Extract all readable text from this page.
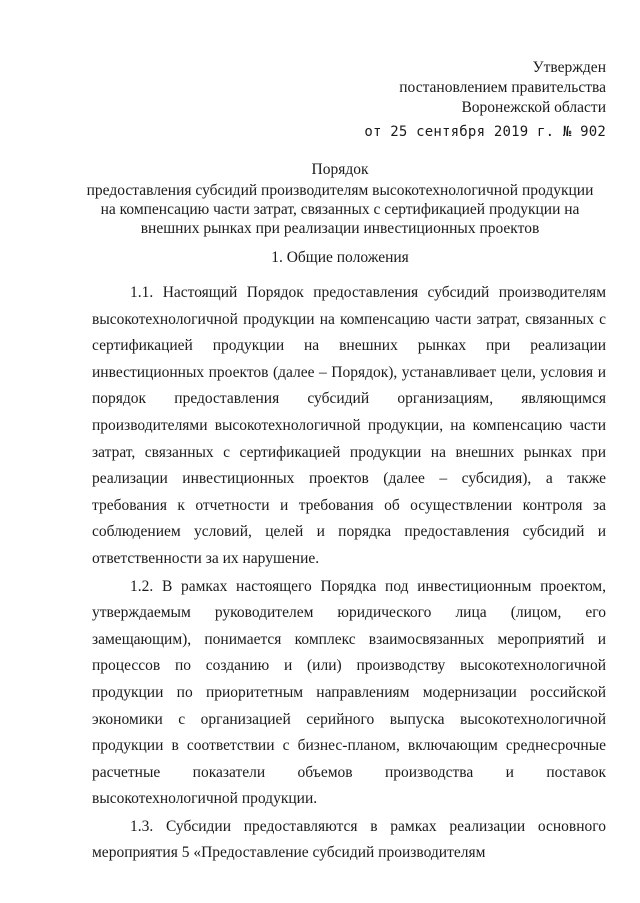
Утвержден
постановлением правительства
Воронежской области
от 25 сентября 2019 г. № 902
Порядок
предоставления субсидий производителям высокотехнологичной продукции на компенсацию части затрат, связанных с сертификацией продукции на внешних рынках при реализации инвестиционных проектов
1. Общие положения

1.1. Настоящий Порядок предоставления субсидий производителям высокотехнологичной продукции на компенсацию части затрат, связанных с сертификацией продукции на внешних рынках при реализации инвестиционных проектов (далее – Порядок), устанавливает цели, условия и порядок предоставления субсидий организациям, являющимся производителями высокотехнологичной продукции, на компенсацию части затрат, связанных с сертификацией продукции на внешних рынках при реализации инвестиционных проектов (далее – субсидия), а также требования к отчетности и требования об осуществлении контроля за соблюдением условий, целей и порядка предоставления субсидий и ответственности за их нарушение.

1.2. В рамках настоящего Порядка под инвестиционным проектом, утверждаемым руководителем юридического лица (лицом, его замещающим), понимается комплекс взаимосвязанных мероприятий и процессов по созданию и (или) производству высокотехнологичной продукции по приоритетным направлениям модернизации российской экономики с организацией серийного выпуска высокотехнологичной продукции в соответствии с бизнес-планом, включающим среднесрочные расчетные показатели объемов производства и поставок высокотехнологичной продукции.

1.3. Субсидии предоставляются в рамках реализации основного мероприятия 5 «Предоставление субсидий производителям
